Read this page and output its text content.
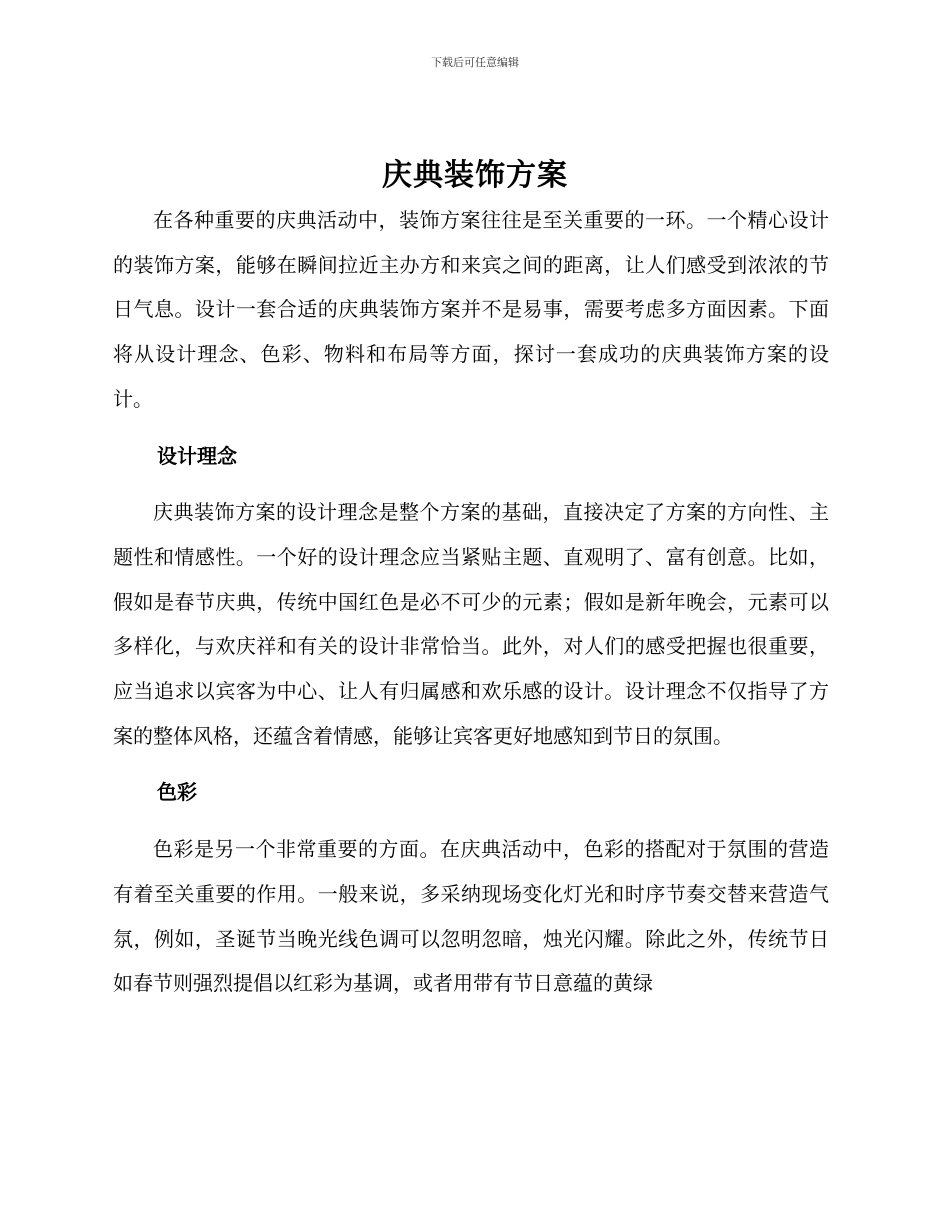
下载后可任意编辑
庆典装饰方案

在各种重要的庆典活动中，装饰方案往往是至关重要的一环。一个精心设计的装饰方案，能够在瞬间拉近主办方和来宾之间的距离，让人们感受到浓浓的节日气息。设计一套合适的庆典装饰方案并不是易事，需要考虑多方面因素。下面将从设计理念、色彩、物料和布局等方面，探讨一套成功的庆典装饰方案的设计。

设计理念

庆典装饰方案的设计理念是整个方案的基础，直接决定了方案的方向性、主题性和情感性。一个好的设计理念应当紧贴主题、直观明了、富有创意。比如，假如是春节庆典，传统中国红色是必不可少的元素；假如是新年晚会，元素可以多样化，与欢庆祥和有关的设计非常恰当。此外，对人们的感受把握也很重要，应当追求以宾客为中心、让人有归属感和欢乐感的设计。设计理念不仅指导了方案的整体风格，还蕴含着情感，能够让宾客更好地感知到节日的氛围。

色彩

色彩是另一个非常重要的方面。在庆典活动中，色彩的搭配对于氛围的营造有着至关重要的作用。一般来说，多采纳现场变化灯光和时序节奏交替来营造气氛，例如，圣诞节当晚光线色调可以忽明忽暗，烛光闪耀。除此之外，传统节日如春节则强烈提倡以红彩为基调，或者用带有节日意蕴的黄绿
